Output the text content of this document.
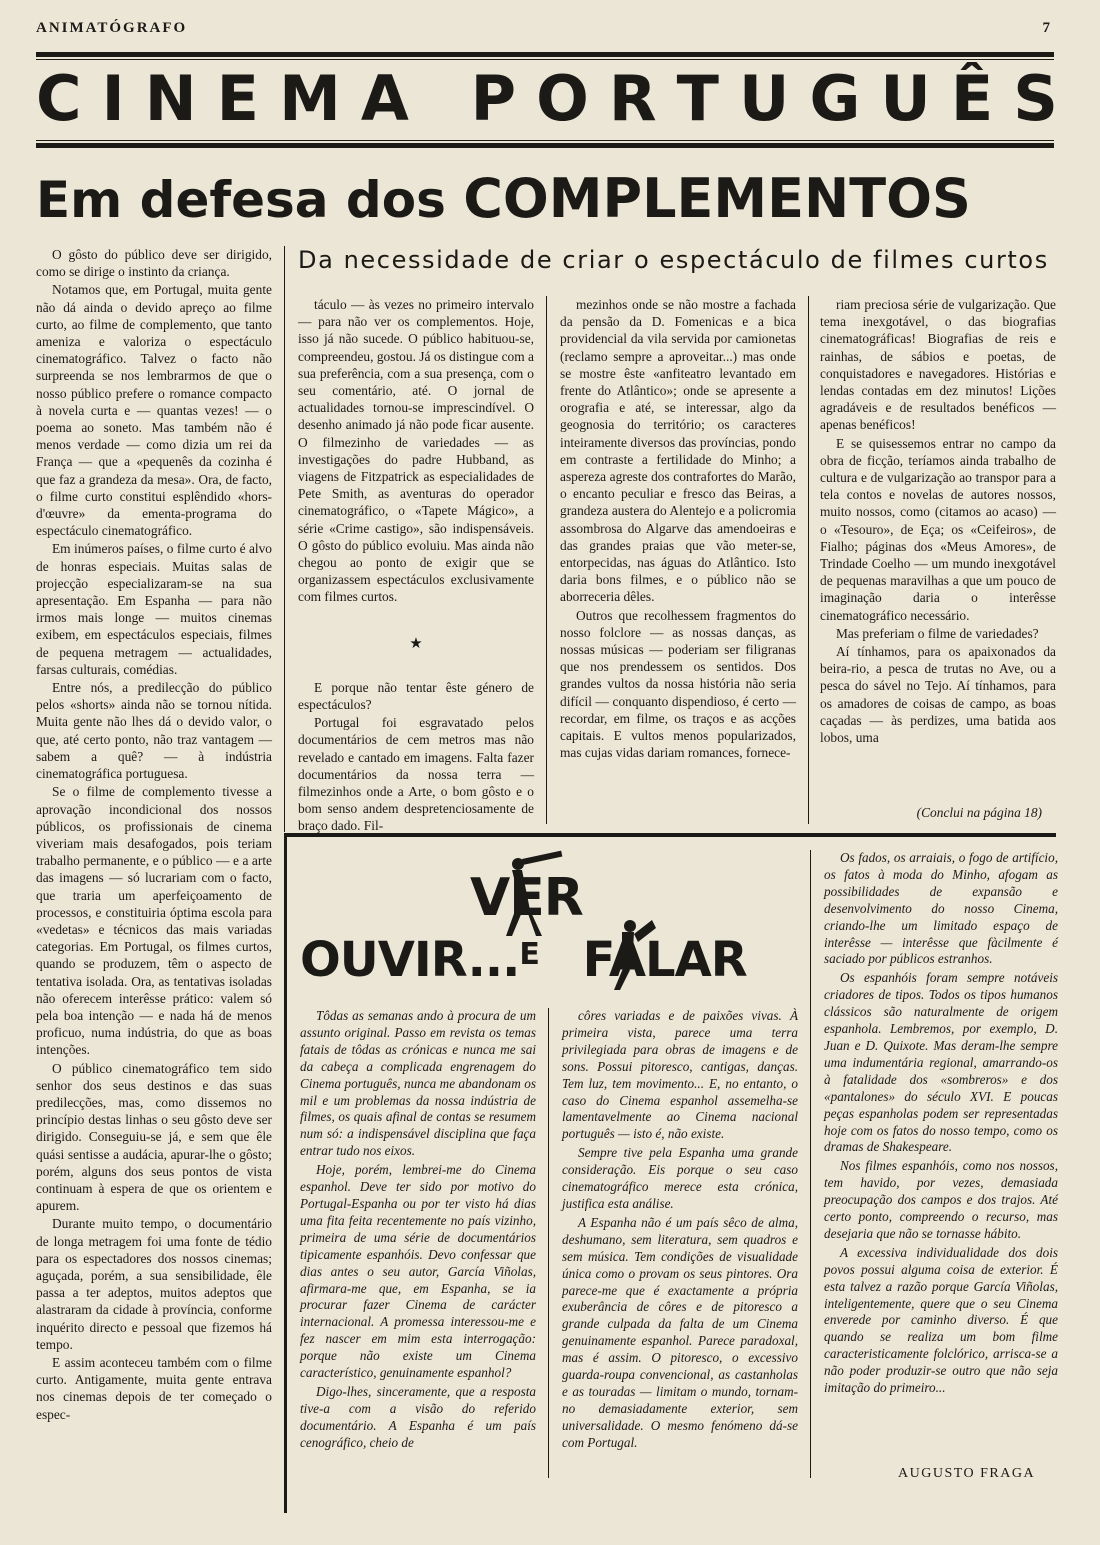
ANIMATÓGRAFO	7
C I N E M A
P O R T U G U Ê S
Em defesa dos COMPLEMENTOS
Da necessidade de criar o espectáculo de filmes curtos

O gôsto do público deve ser dirigido, como se dirige o instinto da criança.

Notamos que, em Portugal, muita gente não dá ainda o devido apreço ao filme curto, ao filme de complemento, que tanto ameniza e valoriza o espectáculo cinematográfico. Talvez o facto não surpreenda se nos lembrarmos de que o nosso público prefere o romance compacto à novela curta e — quantas vezes! — o poema ao soneto. Mas também não é menos verdade — como dizia um rei da França — que a «pequenês da cozinha é que faz a grandeza da mesa». Ora, de facto, o filme curto constitui esplêndido «hors-d'œuvre» da ementa-programa do espectáculo cinematográfico.

Em inúmeros países, o filme curto é alvo de honras especiais. Muitas salas de projecção especializaram-se na sua apresentação. Em Espanha — para não irmos mais longe — muitos cinemas exibem, em espectáculos especiais, filmes de pequena metragem — actualidades, farsas culturais, comédias.

Entre nós, a predilecção do público pelos «shorts» ainda não se tornou nítida. Muita gente não lhes dá o devido valor, o que, até certo ponto, não traz vantagem — sabem a quê? — à indústria cinematográfica portuguesa.

Se o filme de complemento tivesse a aprovação incondicional dos nossos públicos, os profissionais de cinema viveriam mais desafogados, pois teriam trabalho permanente, e o público — e a arte das imagens — só lucrariam com o facto, que traria um aperfeiçoamento de processos, e constituiria óptima escola para «vedetas» e técnicos das mais variadas categorias. Em Portugal, os filmes curtos, quando se produzem, têm o aspecto de tentativa isolada. Ora, as tentativas isoladas não oferecem interêsse prático: valem só pela boa intenção — e nada há de menos proficuo, numa indústria, do que as boas intenções.

O público cinematográfico tem sido senhor dos seus destinos e das suas predilecções, mas, como dissemos no princípio destas linhas o seu gôsto deve ser dirigido. Conseguiu-se já, e sem que êle quási sentisse a audácia, apurar-lhe o gôsto; porém, alguns dos seus pontos de vista continuam à espera de que os orientem e apurem.

Durante muito tempo, o documentário de longa metragem foi uma fonte de tédio para os espectadores dos nossos cinemas; aguçada, porém, a sua sensibilidade, êle passa a ter adeptos, muitos adeptos que alastraram da cidade à província, conforme inquérito directo e pessoal que fizemos há tempo.

E assim aconteceu também com o filme curto. Antigamente, muita gente entrava nos cinemas depois de ter começado o espec-

táculo — às vezes no primeiro intervalo — para não ver os complementos. Hoje, isso já não sucede. O público habituou-se, compreendeu, gostou. Já os distingue com a sua preferência, com a sua presença, com o seu comentário, até. O jornal de actualidades tornou-se imprescindível. O desenho animado já não pode ficar ausente. O filmezinho de variedades — as investigações do padre Hubband, as viagens de Fitzpatrick as especialidades de Pete Smith, as aventuras do operador cinematográfico, o «Tapete Mágico», a série «Crime castigo», são indispensáveis. O gôsto do público evoluiu. Mas ainda não chegou ao ponto de exigir que se organizassem espectáculos exclusivamente com filmes curtos.

★

E porque não tentar êste género de espectáculos?

Portugal foi esgravatado pelos documentários de cem metros mas não revelado e cantado em imagens. Falta fazer documentários da nossa terra — filmezinhos onde a Arte, o bom gôsto e o bom senso andem despretenciosamente de braço dado. Fil-

mezinhos onde se não mostre a fachada da pensão da D. Fomenicas e a bica providencial da vila servida por camionetas (reclamo sempre a aproveitar...) mas onde se mostre êste «anfiteatro levantado em frente do Atlântico»; onde se apresente a orografia e até, se interessar, algo da geognosia do território; os caracteres inteiramente diversos das províncias, pondo em contraste a fertilidade do Minho; a aspereza agreste dos contrafortes do Marão, o encanto peculiar e fresco das Beiras, a grandeza austera do Alentejo e a policromia assombrosa do Algarve das amendoeiras e das grandes praias que vão meter-se, entorpecidas, nas águas do Atlântico. Isto daria bons filmes, e o público não se aborreceria dêles.

Outros que recolhessem fragmentos do nosso folclore — as nossas danças, as nossas músicas — poderiam ser filigranas que nos prendessem os sentidos. Dos grandes vultos da nossa história não seria difícil — conquanto dispendioso, é certo — recordar, em filme, os traços e as acções capitais. E vultos menos popularizados, mas cujas vidas dariam romances, fornece-

riam preciosa série de vulgarização. Que tema inexgotável, o das biografias cinematográficas! Biografias de reis e rainhas, de sábios e poetas, de conquistadores e navegadores. Histórias e lendas contadas em dez minutos! Lições agradáveis e de resultados benéficos — apenas benéficos!

E se quisessemos entrar no campo da obra de ficção, teríamos ainda trabalho de cultura e de vulgarização ao transpor para a tela contos e novelas de autores nossos, muito nossos, como (citamos ao acaso) — o «Tesouro», de Eça; os «Ceifeiros», de Fialho; páginas dos «Meus Amores», de Trindade Coelho — um mundo inexgotável de pequenas maravilhas a que um pouco de imaginação daria o interêsse cinematográfico necessário.

Mas preferiam o filme de variedades?

Aí tínhamos, para os apaixonados da beira-rio, a pesca de trutas no Ave, ou a pesca do sável no Tejo. Aí tínhamos, para os amadores de coisas de campo, as boas caçadas — às perdizes, uma batida aos lobos, uma

(Conclui na página 18)
VER
OUVIR...$^E$ FALAR

Os fados, os arraiais, o fogo de artifício, os fatos à moda do Minho, afogam as possibilidades de expansão e desenvolvimento do nosso Cinema, criando-lhe um limitado espaço de interêsse — interêsse que fàcilmente é saciado por públicos estranhos.

Os espanhóis foram sempre notáveis criadores de tipos. Todos os tipos humanos clássicos são naturalmente de origem espanhola. Lembremos, por exemplo, D. Juan e D. Quixote. Mas deram-lhe sempre uma indumentária regional, amarrando-os à fatalidade dos «sombreros» e dos «pantalones» do século XVI. E poucas peças espanholas podem ser representadas hoje com os fatos do nosso tempo, como os dramas de Shakespeare.

Nos filmes espanhóis, como nos nossos, tem havido, por vezes, demasiada preocupação dos campos e dos trajos. Até certo ponto, compreendo o recurso, mas desejaria que não se tornasse hábito.

A excessiva individualidade dos dois povos possui alguma coisa de exterior. É esta talvez a razão porque García Viñolas, inteligentemente, quere que o seu Cinema enverede por caminho diverso. É que quando se realiza um bom filme caracteristicamente folclórico, arrisca-se a não poder produzir-se outro que não seja imitação do primeiro...

Tôdas as semanas ando à procura de um assunto original. Passo em revista os temas fatais de tôdas as crónicas e nunca me sai da cabeça a complicada engrenagem do Cinema português, nunca me abandonam os mil e um problemas da nossa indústria de filmes, os quais afinal de contas se resumem num só: a indispensável disciplina que faça entrar tudo nos eixos.

Hoje, porém, lembrei-me do Cinema espanhol. Deve ter sido por motivo do Portugal-Espanha ou por ter visto há dias uma fita feita recentemente no país vizinho, primeira de uma série de documentários tipicamente espanhóis. Devo confessar que dias antes o seu autor, García Viñolas, afirmara-me que, em Espanha, se ia procurar fazer Cinema de carácter internacional. A promessa interessou-me e fez nascer em mim esta interrogação: porque não existe um Cinema característico, genuinamente espanhol?

Digo-lhes, sinceramente, que a resposta tive-a com a visão do referido documentário. A Espanha é um país cenográfico, cheio de

côres variadas e de paixões vivas. À primeira vista, parece uma terra privilegiada para obras de imagens e de sons. Possui pitoresco, cantigas, danças. Tem luz, tem movimento... E, no entanto, o caso do Cinema espanhol assemelha-se lamentavelmente ao Cinema nacional português — isto é, não existe.

Sempre tive pela Espanha uma grande consideração. Eis porque o seu caso cinematográfico merece esta crónica, justifica esta análise.

A Espanha não é um país sêco de alma, deshumano, sem literatura, sem quadros e sem música. Tem condições de visualidade única como o provam os seus pintores. Ora parece-me que é exactamente a própria exuberância de côres e de pitoresco a grande culpada da falta de um Cinema genuinamente espanhol. Parece paradoxal, mas é assim. O pitoresco, o excessivo guarda-roupa convencional, as castanholas e as touradas — limitam o mundo, tornam-no demasiadamente exterior, sem universalidade. O mesmo fenómeno dá-se com Portugal.

AUGUSTO FRAGA
